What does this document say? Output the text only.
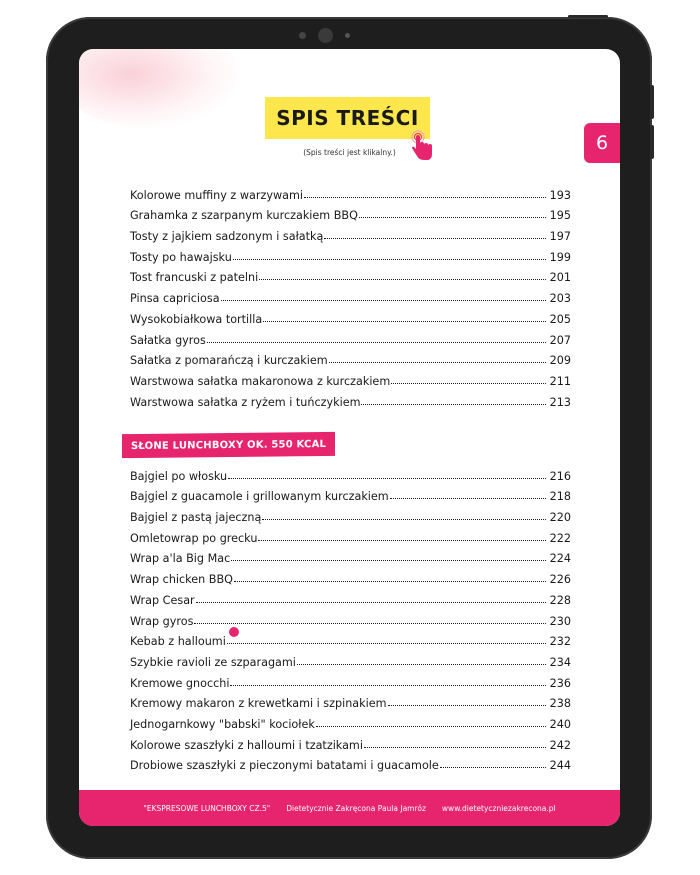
SPIS TREŚCI
(Spis treści jest klikalny.)
Kolorowe muffiny z warzywami	193
Grahamka z szarpanym kurczakiem BBQ	195
Tosty z jajkiem sadzonym i sałatką	197
Tosty po hawajsku	199
Tost francuski z patelni	201
Pinsa capriciosa	203
Wysokobiałkowa tortilla	205
Sałatka gyros	207
Sałatka z pomarańczą i kurczakiem	209
Warstwowa sałatka makaronowa z kurczakiem	211
Warstwowa sałatka z ryżem i tuńczykiem	213
SŁONE LUNCHBOXY OK. 550 KCAL
Bajgiel po włosku	216
Bajgiel z guacamole i grillowanym kurczakiem	218
Bajgiel z pastą jajeczną	220
Omletowrap po grecku	222
Wrap a'la Big Mac	224
Wrap chicken BBQ	226
Wrap Cesar	228
Wrap gyros	230
Kebab z halloumi	232
Szybkie ravioli ze szparagami	234
Kremowe gnocchi	236
Kremowy makaron z krewetkami i szpinakiem	238
Jednogarnkowy "babski" kociołek	240
Kolorowe szaszłyki z halloumi i tzatzikami	242
Drobiowe szaszłyki z pieczonymi batatami i guacamole	244
"EKSPRESOWE LUNCHBOXY CZ.5" Dietetycznie Zakręcona Paula Jamróz www.dietetyczniezakrecona.pl
6
